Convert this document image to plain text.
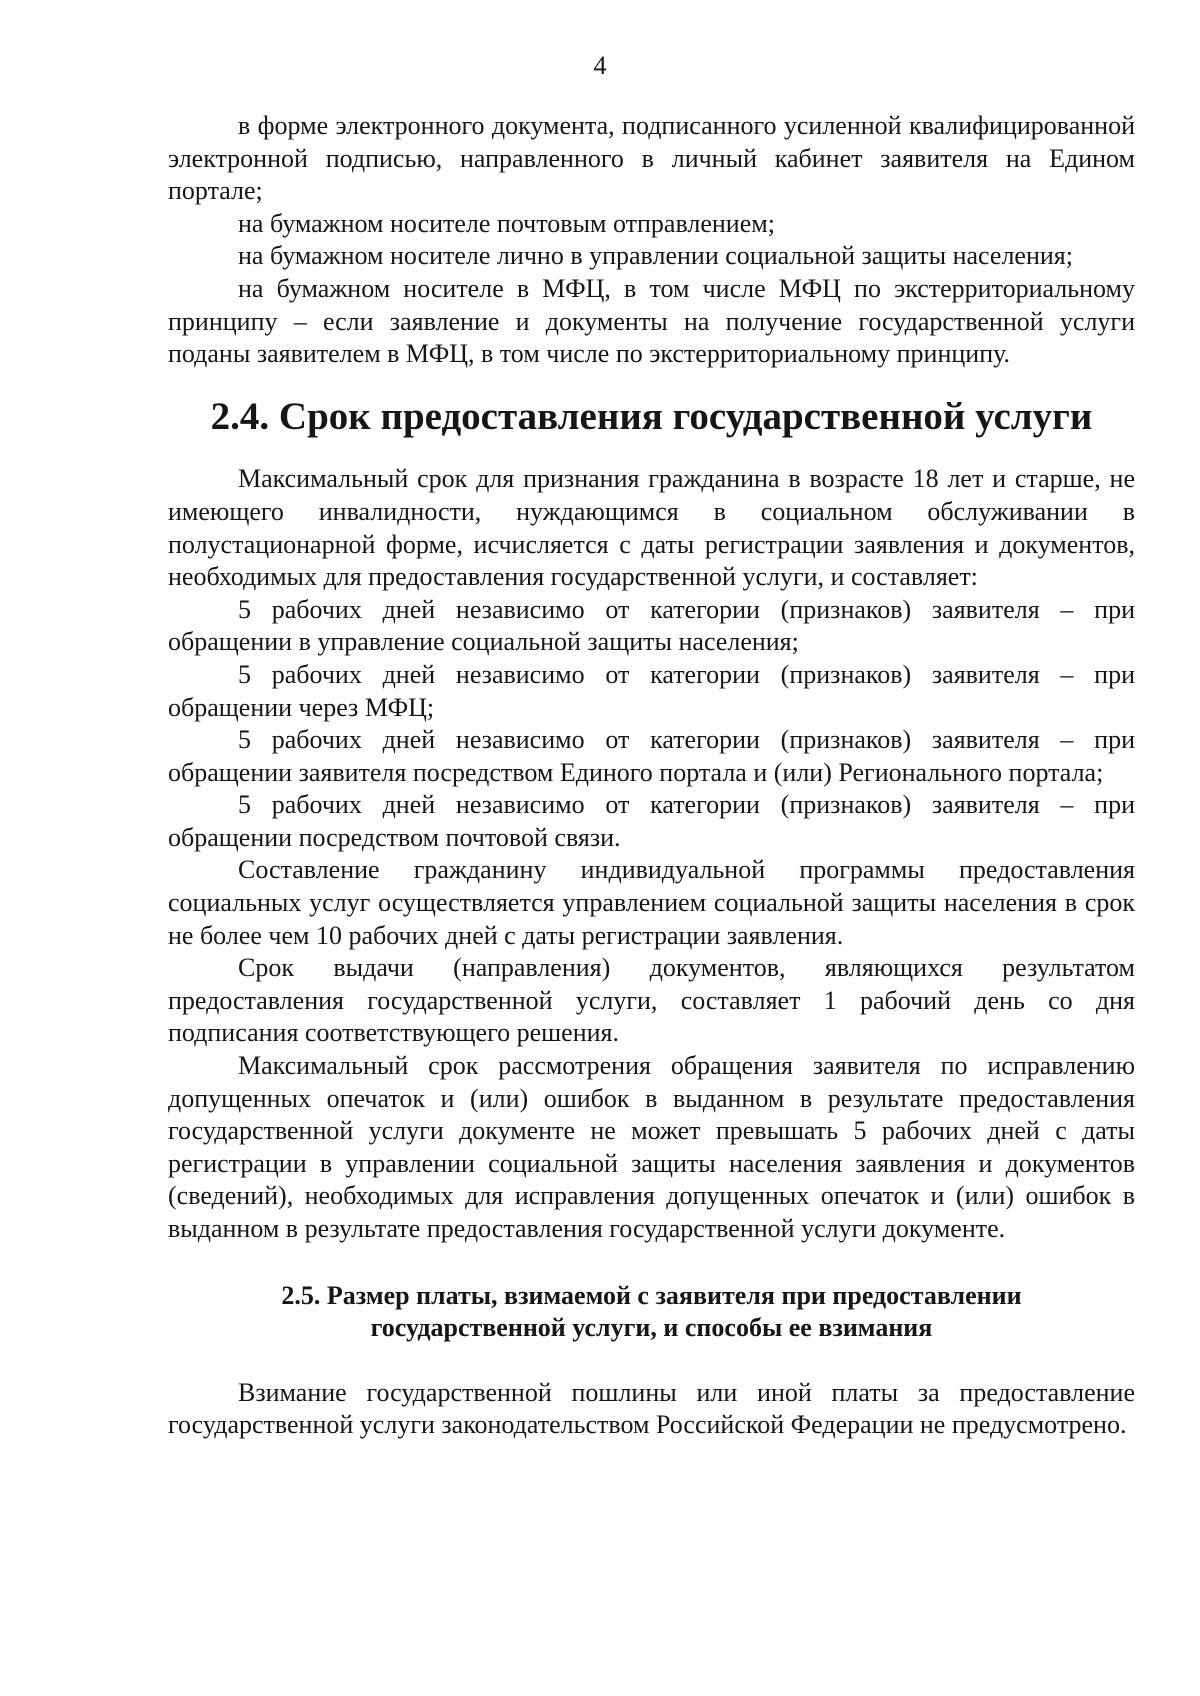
4

в форме электронного документа, подписанного усиленной квалифицированной электронной подписью, направленного в личный кабинет заявителя на Едином портале;

на бумажном носителе почтовым отправлением;

на бумажном носителе лично в управлении социальной защиты населения;

на бумажном носителе в МФЦ, в том числе МФЦ по экстерриториальному принципу – если заявление и документы на получение государственной услуги поданы заявителем в МФЦ, в том числе по экстерриториальному принципу.

2.4. Срок предоставления государственной услуги

Максимальный срок для признания гражданина в возрасте 18 лет и старше, не имеющего инвалидности, нуждающимся в социальном обслуживании в полустационарной форме, исчисляется с даты регистрации заявления и документов, необходимых для предоставления государственной услуги, и составляет:

5 рабочих дней независимо от категории (признаков) заявителя – при обращении в управление социальной защиты населения;

5 рабочих дней независимо от категории (признаков) заявителя – при обращении через МФЦ;

5 рабочих дней независимо от категории (признаков) заявителя – при обращении заявителя посредством Единого портала и (или) Регионального портала;

5 рабочих дней независимо от категории (признаков) заявителя – при обращении посредством почтовой связи.

Составление гражданину индивидуальной программы предоставления социальных услуг осуществляется управлением социальной защиты населения в срок не более чем 10 рабочих дней с даты регистрации заявления.

Срок выдачи (направления) документов, являющихся результатом предоставления государственной услуги, составляет 1 рабочий день со дня подписания соответствующего решения.

Максимальный срок рассмотрения обращения заявителя по исправлению допущенных опечаток и (или) ошибок в выданном в результате предоставления государственной услуги документе не может превышать 5 рабочих дней с даты регистрации в управлении социальной защиты населения заявления и документов (сведений), необходимых для исправления допущенных опечаток и (или) ошибок в выданном в результате предоставления государственной услуги документе.

2.5. Размер платы, взимаемой с заявителя при предоставлении
государственной услуги, и способы ее взимания

Взимание государственной пошлины или иной платы за предоставление государственной услуги законодательством Российской Федерации не предусмотрено.
